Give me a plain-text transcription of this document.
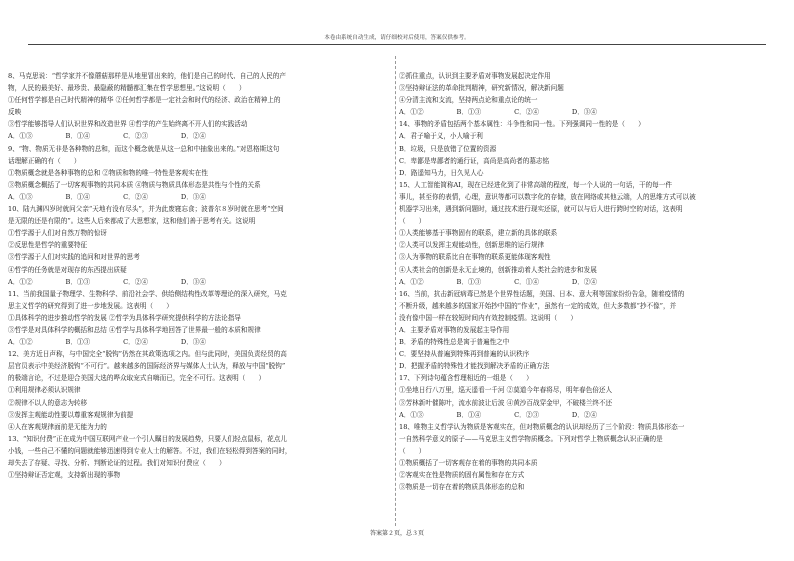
本卷由系统自动生成，请仔细校对后使用，答案仅供参考。
8、马克思说：“哲学家并不像蘑菇那样是从地里冒出来的，他们是自己的时代、自己的人民的产
物，人民的最美好、最珍贵、最隐蔽的精髓都汇集在哲学思想里。”这说明（　　）
①任何哲学都是自己时代精神的精华 ②任何哲学都是一定社会和时代的经济、政治在精神上的
反映
③哲学能够指导人们认识世界和改造世界 ④哲学的产生始终离不开人们的实践活动
A．①③　　　　　B．①④　　　　　C．②③　　　　　D．②④
9、“物、物质无非是各种物的总和，而这个概念就是从这一总和中抽象出来的。”对恩格斯这句
话理解正确的有（　　）
①物质概念就是各种事物的总和 ②物质和物的唯一特性是客观实在性
③物质概念概括了一切客观事物的共同本质 ④物质与物质具体形态是共性与个性的关系
A．①③　　　　　B．①④　　　　　C．②④　　　　　D．③④
10、陆九渊四岁时就问父亲“天地有没有尽头”，并为此废寝忘食；波普尔８岁时就在思考“空间
是无限的还是有限的”。这些人后来都成了大思想家，这和他们善于思考有关。这说明
①哲学源于人们对自然万物的惊讶
②反思性是哲学的重要特征
③哲学源于人们对实践的追问和对世界的思考
④哲学的任务就是对现存的东西提出质疑
A．①②　　　　　B．①③　　　　　C．②④　　　　　D．③④
11、当前我国量子物理学、生物科学、前沿社会学、供给侧结构性改革等理论的深入研究，马克
思主义哲学的研究得到了进一步地发展。这表明（　　）
①具体科学的进步推动哲学的发展 ②哲学为具体科学研究提供科学的方法论指导
③哲学是对具体科学的概括和总结 ④哲学与具体科学地回答了世界最一般的本质和规律
A．①②　　　　　B．①③　　　　　C．②④　　　　　D．③④
12、美方近日声称，与中国完全“脱钩”仍然在其政策选项之内。但与此同时，美国负责经贸的高
层官员表示中美经济脱钩“不可行”。越来越多的国际经济界与媒体人士认为，释放与中国“脱钩”
的极端言论，不过是迎合美国大选的哗众取宠式自嗨而已，完全不可行。这表明（　　）
①利用规律必须认识规律
②规律不以人的意志为转移
③发挥主观能动性要以尊重客观规律为前提
④人在客观规律面前是无能为力的
13、“知识付费”正在成为中国互联网产业一个引人瞩目的发展趋势，只要人们轻点鼠标，花点儿
小钱，一些自己不懂的问题就能够迅速得到专业人士的解答。不过，我们在轻松得到答案的同时，
却失去了存疑、寻找、分析、判断论证的过程。我们对知识付费应（　　）
①坚持辩证否定观，支持新出现的事物
②抓住重点，认识到主要矛盾对事物发展起决定作用
③坚持辩证法的革命批判精神，研究新情况，解决新问题
④分清主流和支流，坚持两点论和重点论的统一
A．①②　　　　　B．①③　　　　　C．②④　　　　　D．③④
14、事物的矛盾包括两个基本属性：斗争性和同一性。下列强调同一性的是（　　）
A．君子喻于义，小人喻于利
B．垃圾，只是放错了位置的资源
C．卑鄙是卑鄙者的通行证，高尚是高尚者的墓志铭
D．路遥知马力，日久见人心
15、人工智能简称AI，现在已经进化到了非常高端的程度，每一个人说的一句话，干的每一件
事儿，甚至你的表情，心理，意识等都可以数字化的存储，放在网络或其他云端，人的思维方式可以被
机器学习出来，遇到新问题时，通过技术进行现实还原，就可以与后人进行跨时空的对话，这表明
（　　）
①人类能够基于事物固有的联系，建立新的具体的联系
②人类可以发挥主观能动性，创新思维的运行规律
③人为事物的联系比自在事物的联系更能体现客观性
④人类社会的创新是永无止境的，创新推动着人类社会的进步和发展
A．①②　　　　　B．①③　　　　　C．①④　　　　　D．②④
16、当前，抗击新冠病毒已然是个世界性话题，美国、日本、意大利等国家纷纷告急，随着疫情的
不断升级，越来越多的国家开始抄中国的“作业”，虽然有一定的成效，但大多数都“抄不像”，并
没有像中国一样在较短时间内有效控制疫情。这说明（　　）
A．主要矛盾对事物的发展起主导作用
B．矛盾的特殊性总是寓于普遍性之中
C．要坚持从普遍到特殊再到普遍的认识秩序
D．把握矛盾的特殊性才能找到解决矛盾的正确方法
17、下列诗句蕴含哲理相近的一组是（　　）
①坐地日行八万里，巡天遥看一千河 ②莫道今年春将尽，明年春色倍还人
③芳林新叶催陈叶，流水前波让后波 ④黄沙百战穿金甲，不破楼兰终不还
A．①③　　　　　B．①④　　　　　C．②③　　　　　D．②④
18、唯物主义哲学认为物质是客观实在，但对物质概念的认识却经历了三个阶段：物质具体形态一
一自然科学意义的原子——马克思主义哲学物质概念。下列对哲学上物质概念认识正确的是
（　　）
①物质概括了一切客观存在着的事物的共同本质
②客观实在性是物质的固有属性和存在方式
③物质是一切存在着的物质具体形态的总和
答案第２页，总３页
